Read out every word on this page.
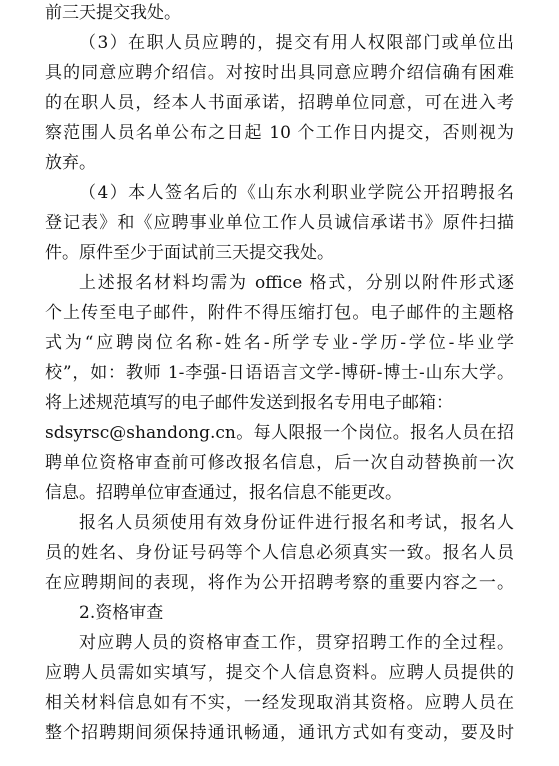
前三天提交我处。
（3）在职人员应聘的，提交有用人权限部门或单位出
具的同意应聘介绍信。对按时出具同意应聘介绍信确有困难
的在职人员，经本人书面承诺，招聘单位同意，可在进入考
察范围人员名单公布之日起 10 个工作日内提交，否则视为
放弃。
（4）本人签名后的《山东水利职业学院公开招聘报名
登记表》和《应聘事业单位工作人员诚信承诺书》原件扫描
件。原件至少于面试前三天提交我处。
上述报名材料均需为 office 格式，分别以附件形式逐
个上传至电子邮件，附件不得压缩打包。电子邮件的主题格
式为“应聘岗位名称-姓名-所学专业-学历-学位-毕业学
校”，如：教师 1-李强-日语语言文学-博研-博士-山东大学。
将上述规范填写的电子邮件发送到报名专用电子邮箱：
sdsyrsc@shandong.cn。每人限报一个岗位。报名人员在招
聘单位资格审查前可修改报名信息，后一次自动替换前一次
信息。招聘单位审查通过，报名信息不能更改。
报名人员须使用有效身份证件进行报名和考试，报名人
员的姓名、身份证号码等个人信息必须真实一致。报名人员
在应聘期间的表现，将作为公开招聘考察的重要内容之一。
2.资格审查
对应聘人员的资格审查工作，贯穿招聘工作的全过程。
应聘人员需如实填写，提交个人信息资料。应聘人员提供的
相关材料信息如有不实，一经发现取消其资格。应聘人员在
整个招聘期间须保持通讯畅通，通讯方式如有变动，要及时
